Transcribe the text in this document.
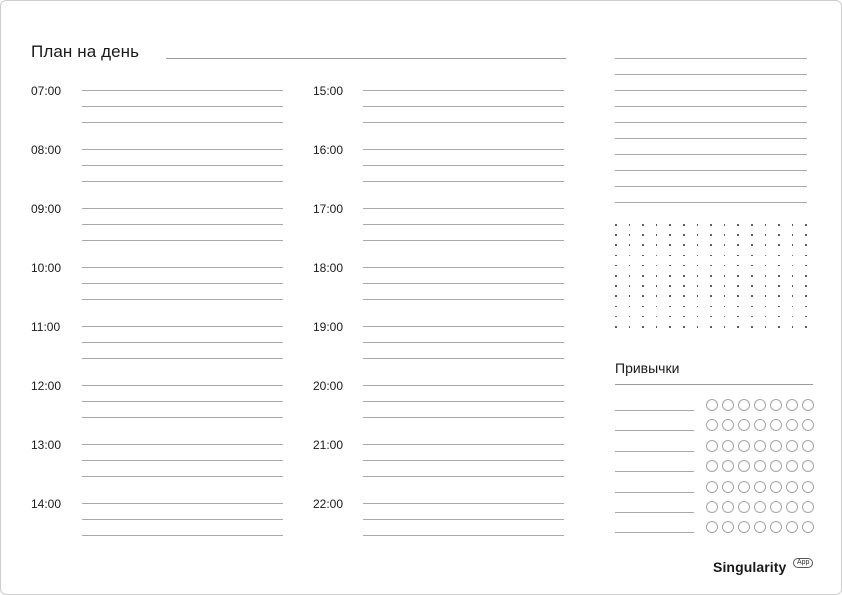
План на день
07:00
08:00
09:00
10:00
11:00
12:00
13:00
14:00
15:00
16:00
17:00
18:00
19:00
20:00
21:00
22:00
Привычки
Singularity	App
